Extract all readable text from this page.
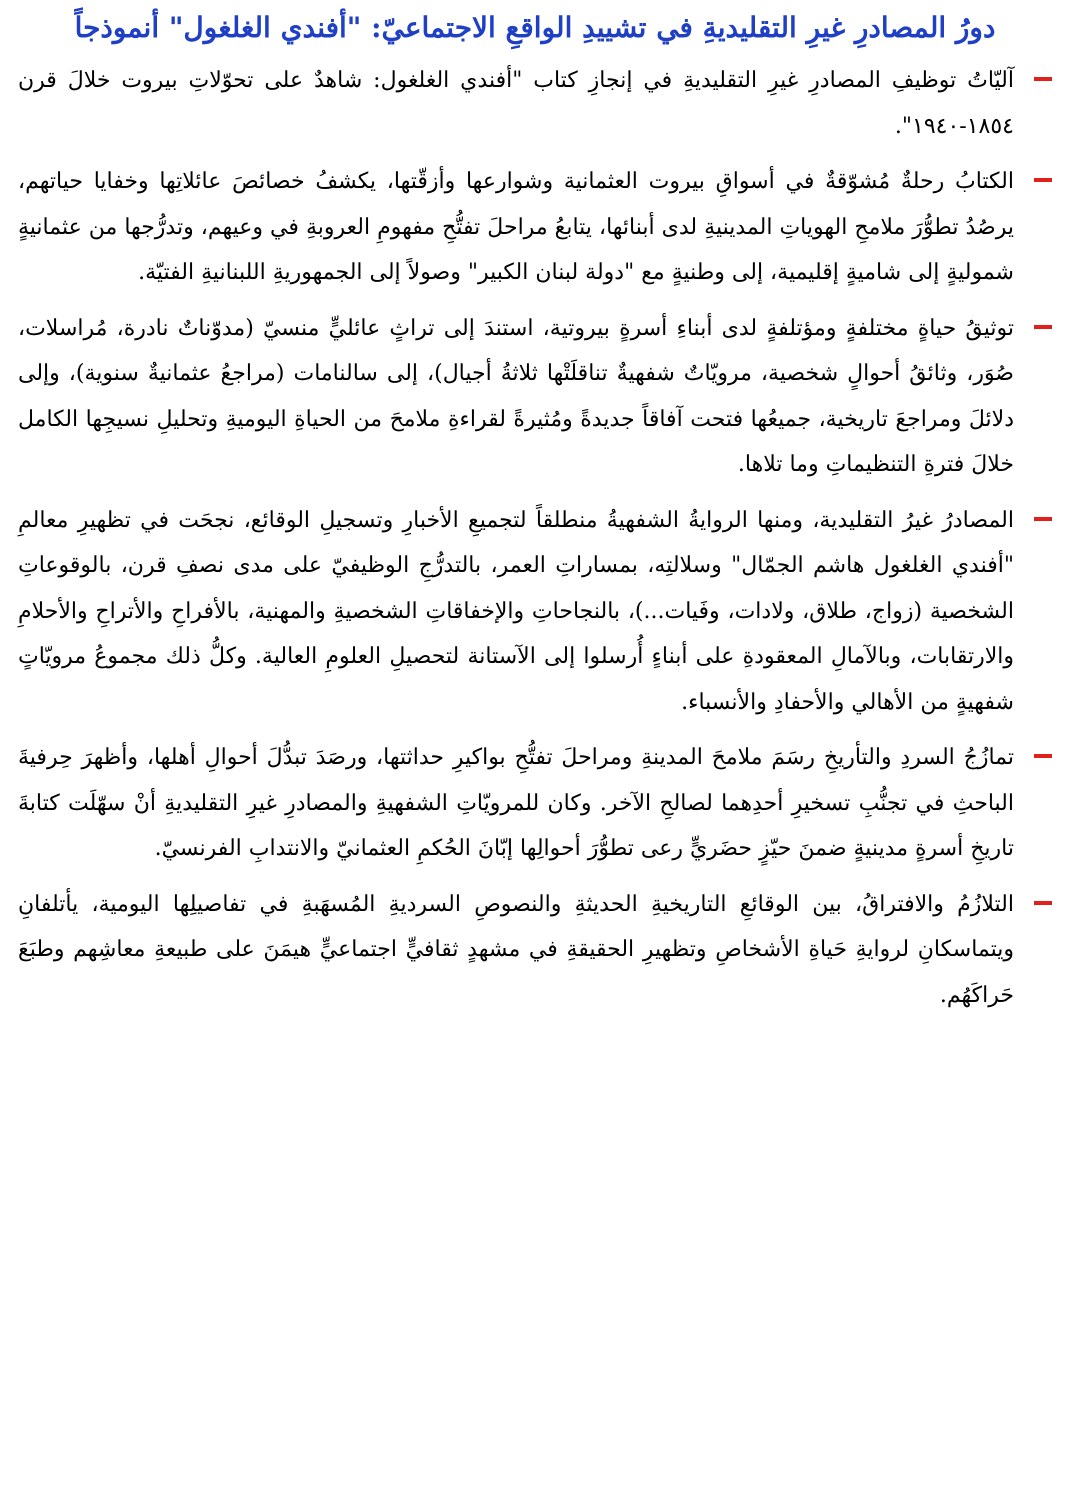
دورُ المصادرِ غيرِ التقليديةِ في تشييدِ الواقعِ الاجتماعيّ: "أفندي الغلغول" أنموذجاً
آليّاتُ توظيفِ المصادرِ غيرِ التقليديةِ في إنجازِ كتاب "أفندي الغلغول: شاهدٌ على تحوّلاتِ بيروت خلالَ قرن ١٨٥٤-١٩٤٠".
الكتابُ رحلةٌ مُشوّقةٌ في أسواقِ بيروت العثمانية وشوارعها وأزقّتها، يكشفُ خصائصَ عائلاتِها وخفايا حياتهم، يرصُدُ تطوُّرَ ملامحِ الهوياتِ المدينيةِ لدى أبنائها، يتابعُ مراحلَ تفتُّحِ مفهومِ العروبةِ في وعيهم، وتدرُّجها من عثمانيةٍ شموليةٍ إلى شاميةٍ إقليمية، إلى وطنيةٍ مع "دولة لبنان الكبير" وصولاً إلى الجمهوريةِ اللبنانيةِ الفتيّة.
توثيقُ حياةٍ مختلفةٍ ومؤتلفةٍ لدى أبناءِ أسرةٍ بيروتية، استندَ إلى تراثٍ عائليٍّ منسيّ (مدوّناتٌ نادرة، مُراسلات، صُوَر، وثائقُ أحوالٍ شخصية، مرويّاتٌ شفهيةٌ تناقلَتْها ثلاثةُ أجيال)، إلى سالنامات (مراجعُ عثمانيةٌ سنوية)، وإلى دلائلَ ومراجعَ تاريخية، جميعُها فتحت آفاقاً جديدةً ومُثيرةً لقراءةِ ملامحَ من الحياةِ اليوميةِ وتحليلِ نسيجِها الكامل خلالَ فترةِ التنظيماتِ وما تلاها.
المصادرُ غيرُ التقليدية، ومنها الروايةُ الشفهيةُ منطلقاً لتجميعِ الأخبارِ وتسجيلِ الوقائع، نجحَت في تظهيرِ معالمِ "أفندي الغلغول هاشم الجمّال" وسلالتِه، بمساراتِ العمر، بالتدرُّجِ الوظيفيّ على مدى نصفِ قرن، بالوقوعاتِ الشخصية (زواج، طلاق، ولادات، وفَيات...)، بالنجاحاتِ والإخفاقاتِ الشخصيةِ والمهنية، بالأفراحِ والأتراحِ والأحلامِ والارتقابات، وبالآمالِ المعقودةِ على أبناءٍ أُرسلوا إلى الآستانة لتحصيلِ العلومِ العالية. وكلُّ ذلك مجموعُ مرويّاتٍ شفهيةٍ من الأهالي والأحفادِ والأنسباء.
تمازُجُ السردِ والتأريخِ رسَمَ ملامحَ المدينةِ ومراحلَ تفتُّحِ بواكيرِ حداثتها، ورصَدَ تبدُّلَ أحوالِ أهلها، وأظهرَ حِرفيةَ الباحثِ في تجنُّبِ تسخيرِ أحدِهما لصالحِ الآخر. وكان للمرويّاتِ الشفهيةِ والمصادرِ غيرِ التقليديةِ أنْ سهّلَت كتابةَ تاريخِ أسرةٍ مدينيةٍ ضمنَ حيّزٍ حضَريٍّ رعى تطوُّرَ أحوالِها إبّانَ الحُكمِ العثمانيّ والانتدابِ الفرنسيّ.
التلازُمُ والافتراقُ، بين الوقائعِ التاريخيةِ الحديثةِ والنصوصِ السرديةِ المُسهَبةِ في تفاصيلِها اليومية، يأتلفانِ ويتماسكانِ لروايةِ حَياةِ الأشخاصِ وتظهيرِ الحقيقةِ في مشهدٍ ثقافيٍّ اجتماعيٍّ هيمَنَ على طبيعةِ معاشِهم وطبَعَ حَراكَهُم.
